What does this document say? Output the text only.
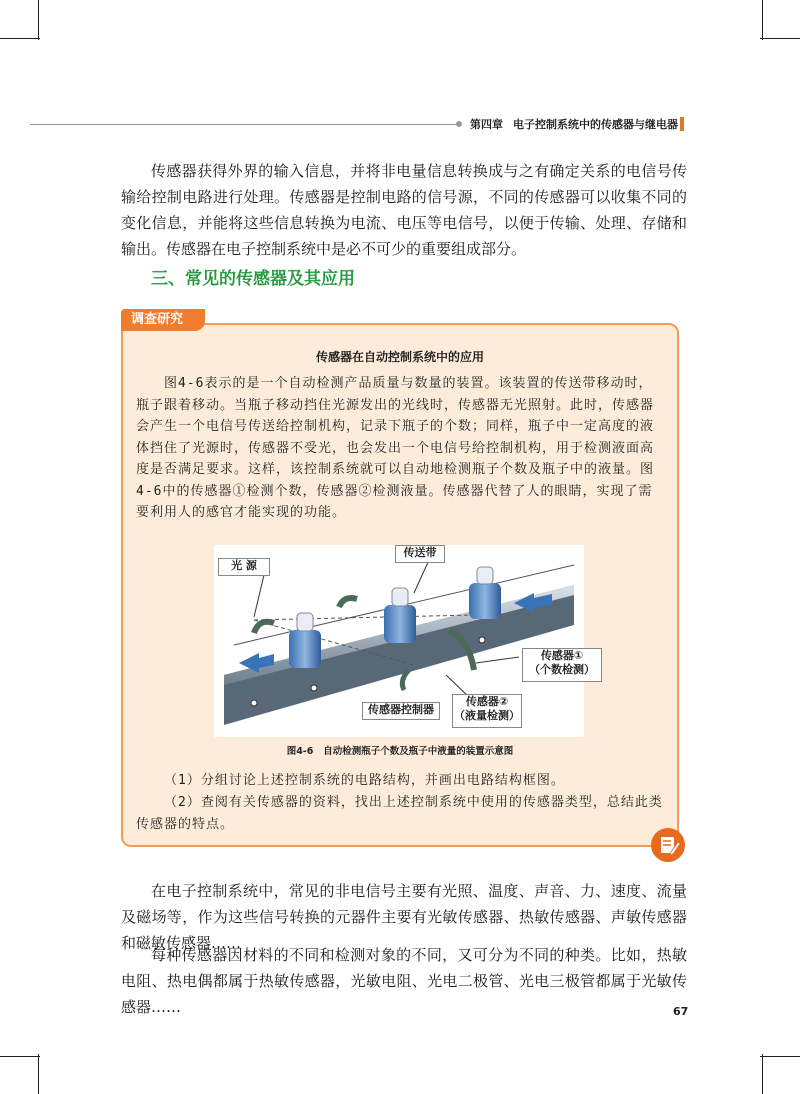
第四章 电子控制系统中的传感器与继电器

传感器获得外界的输入信息，并将非电量信息转换成与之有确定关系的电信号传输给控制电路进行处理。传感器是控制电路的信号源，不同的传感器可以收集不同的变化信息，并能将这些信息转换为电流、电压等电信号，以便于传输、处理、存储和输出。传感器在电子控制系统中是必不可少的重要组成部分。

三、常见的传感器及其应用
调查研究
传感器在自动控制系统中的应用

图4-6表示的是一个自动检测产品质量与数量的装置。该装置的传送带移动时，瓶子跟着移动。当瓶子移动挡住光源发出的光线时，传感器无光照射。此时，传感器会产生一个电信号传送给控制机构，记录下瓶子的个数；同样，瓶子中一定高度的液体挡住了光源时，传感器不受光，也会发出一个电信号给控制机构，用于检测液面高度是否满足要求。这样，该控制系统就可以自动地检测瓶子个数及瓶子中的液量。图4-6中的传感器①检测个数，传感器②检测液量。传感器代替了人的眼睛，实现了需要利用人的感官才能实现的功能。

光 源
传送带
传感器①
（个数检测）
传感器②
（液量检测）
传感器控制器
图4-6 自动检测瓶子个数及瓶子中液量的装置示意图

（1）分组讨论上述控制系统的电路结构，并画出电路结构框图。

（2）查阅有关传感器的资料，找出上述控制系统中使用的传感器类型，总结此类传感器的特点。

在电子控制系统中，常见的非电信号主要有光照、温度、声音、力、速度、流量及磁场等，作为这些信号转换的元器件主要有光敏传感器、热敏传感器、声敏传感器和磁敏传感器……

每种传感器因材料的不同和检测对象的不同，又可分为不同的种类。比如，热敏电阻、热电偶都属于热敏传感器，光敏电阻、光电二极管、光电三极管都属于光敏传感器……	67
